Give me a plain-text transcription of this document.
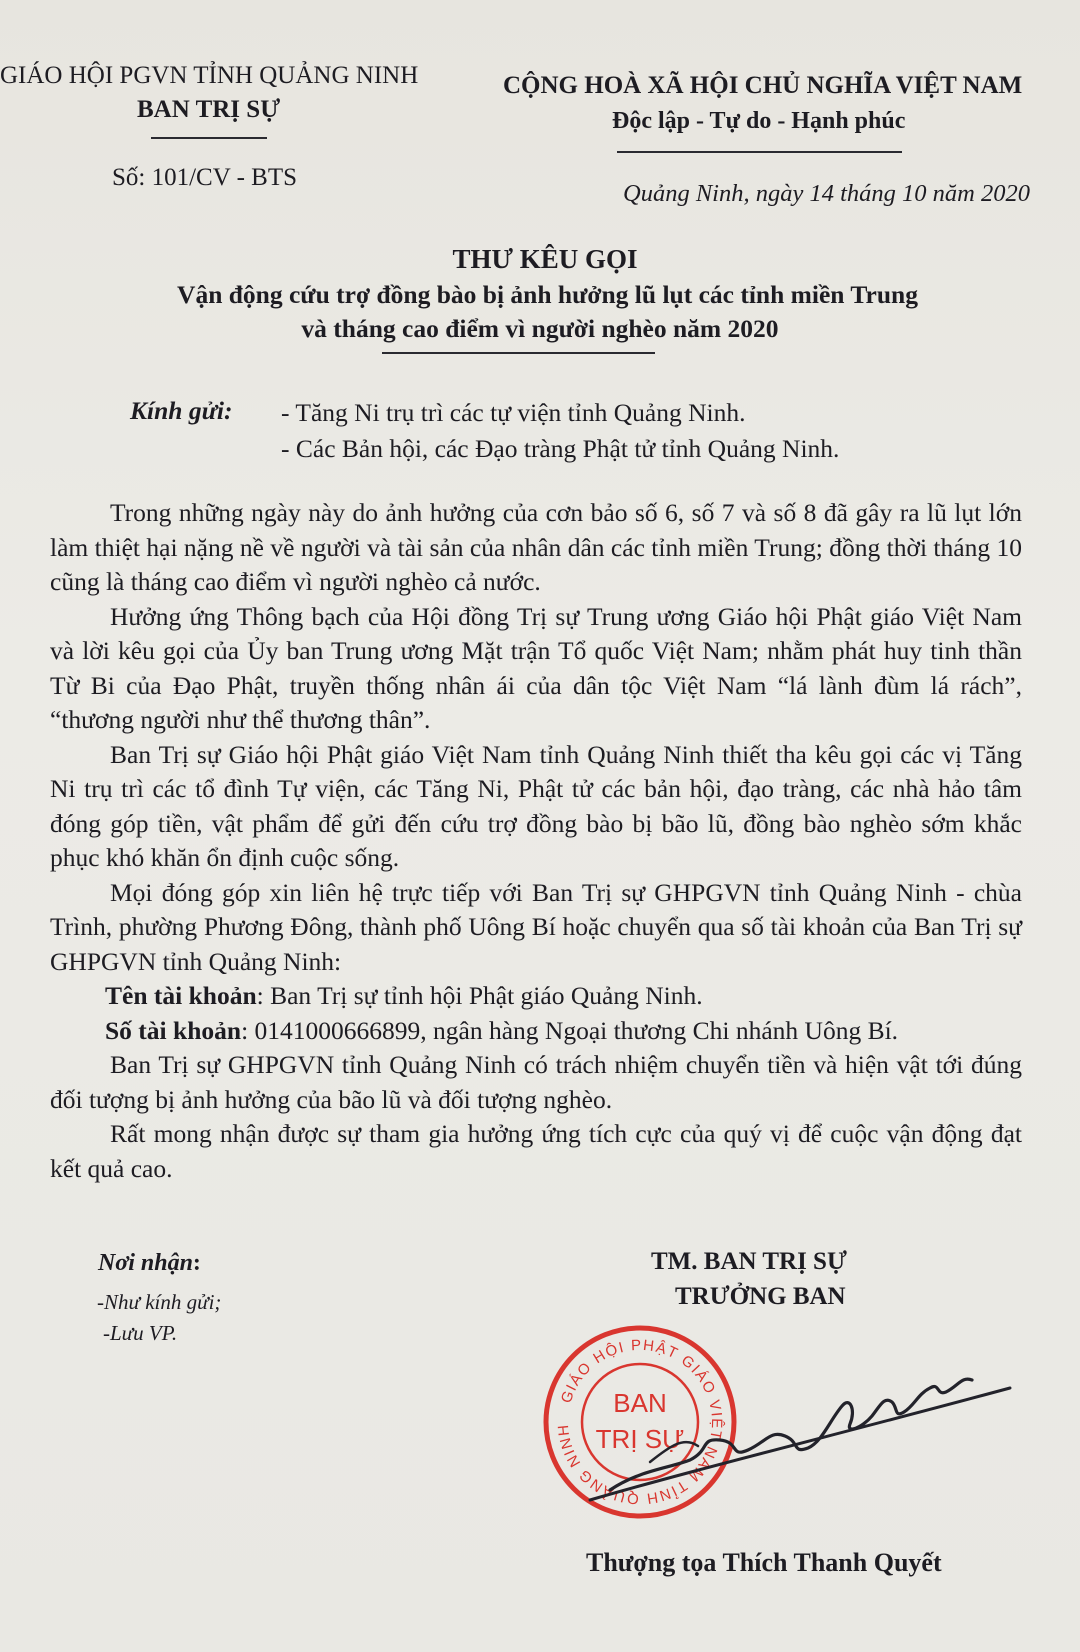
GIÁO HỘI PGVN TỈNH QUẢNG NINH
BAN TRỊ SỰ
Số: 101/CV - BTS
CỘNG HOÀ XÃ HỘI CHỦ NGHĨA VIỆT NAM
Độc lập - Tự do - Hạnh phúc
Quảng Ninh, ngày 14 tháng 10 năm 2020
THƯ KÊU GỌI
Vận động cứu trợ đồng bào bị ảnh hưởng lũ lụt các tỉnh miền Trung
và tháng cao điểm vì người nghèo năm 2020
Kính gửi: - Tăng Ni trụ trì các tự viện tỉnh Quảng Ninh.
- Các Bản hội, các Đạo tràng Phật tử tỉnh Quảng Ninh.

Trong những ngày này do ảnh hưởng của cơn bảo số 6, số 7 và số 8 đã gây ra lũ lụt lớn làm thiệt hại nặng nề về người và tài sản của nhân dân các tỉnh miền Trung; đồng thời tháng 10 cũng là tháng cao điểm vì người nghèo cả nước.

Hưởng ứng Thông bạch của Hội đồng Trị sự Trung ương Giáo hội Phật giáo Việt Nam và lời kêu gọi của Ủy ban Trung ương Mặt trận Tổ quốc Việt Nam; nhằm phát huy tinh thần Từ Bi của Đạo Phật, truyền thống nhân ái của dân tộc Việt Nam “lá lành đùm lá rách”, “thương người như thể thương thân”.

Ban Trị sự Giáo hội Phật giáo Việt Nam tỉnh Quảng Ninh thiết tha kêu gọi các vị Tăng Ni trụ trì các tổ đình Tự viện, các Tăng Ni, Phật tử các bản hội, đạo tràng, các nhà hảo tâm đóng góp tiền, vật phẩm để gửi đến cứu trợ đồng bào bị bão lũ, đồng bào nghèo sớm khắc phục khó khăn ổn định cuộc sống.

Mọi đóng góp xin liên hệ trực tiếp với Ban Trị sự GHPGVN tỉnh Quảng Ninh - chùa Trình, phường Phương Đông, thành phố Uông Bí hoặc chuyển qua số tài khoản của Ban Trị sự GHPGVN tỉnh Quảng Ninh:

Tên tài khoản: Ban Trị sự tỉnh hội Phật giáo Quảng Ninh.

Số tài khoản: 0141000666899, ngân hàng Ngoại thương Chi nhánh Uông Bí.

Ban Trị sự GHPGVN tỉnh Quảng Ninh có trách nhiệm chuyển tiền và hiện vật tới đúng đối tượng bị ảnh hưởng của bão lũ và đối tượng nghèo.

Rất mong nhận được sự tham gia hưởng ứng tích cực của quý vị để cuộc vận động đạt kết quả cao.

Nơi nhận:
-Như kính gửi;
-Lưu VP.
TM. BAN TRỊ SỰ
TRƯỞNG BAN
GIÁO HỘI PHẬT GIÁO VIỆT NAM TỈNH QUẢNG NINH
BAN
TRỊ SỰ
Thượng tọa Thích Thanh Quyết
